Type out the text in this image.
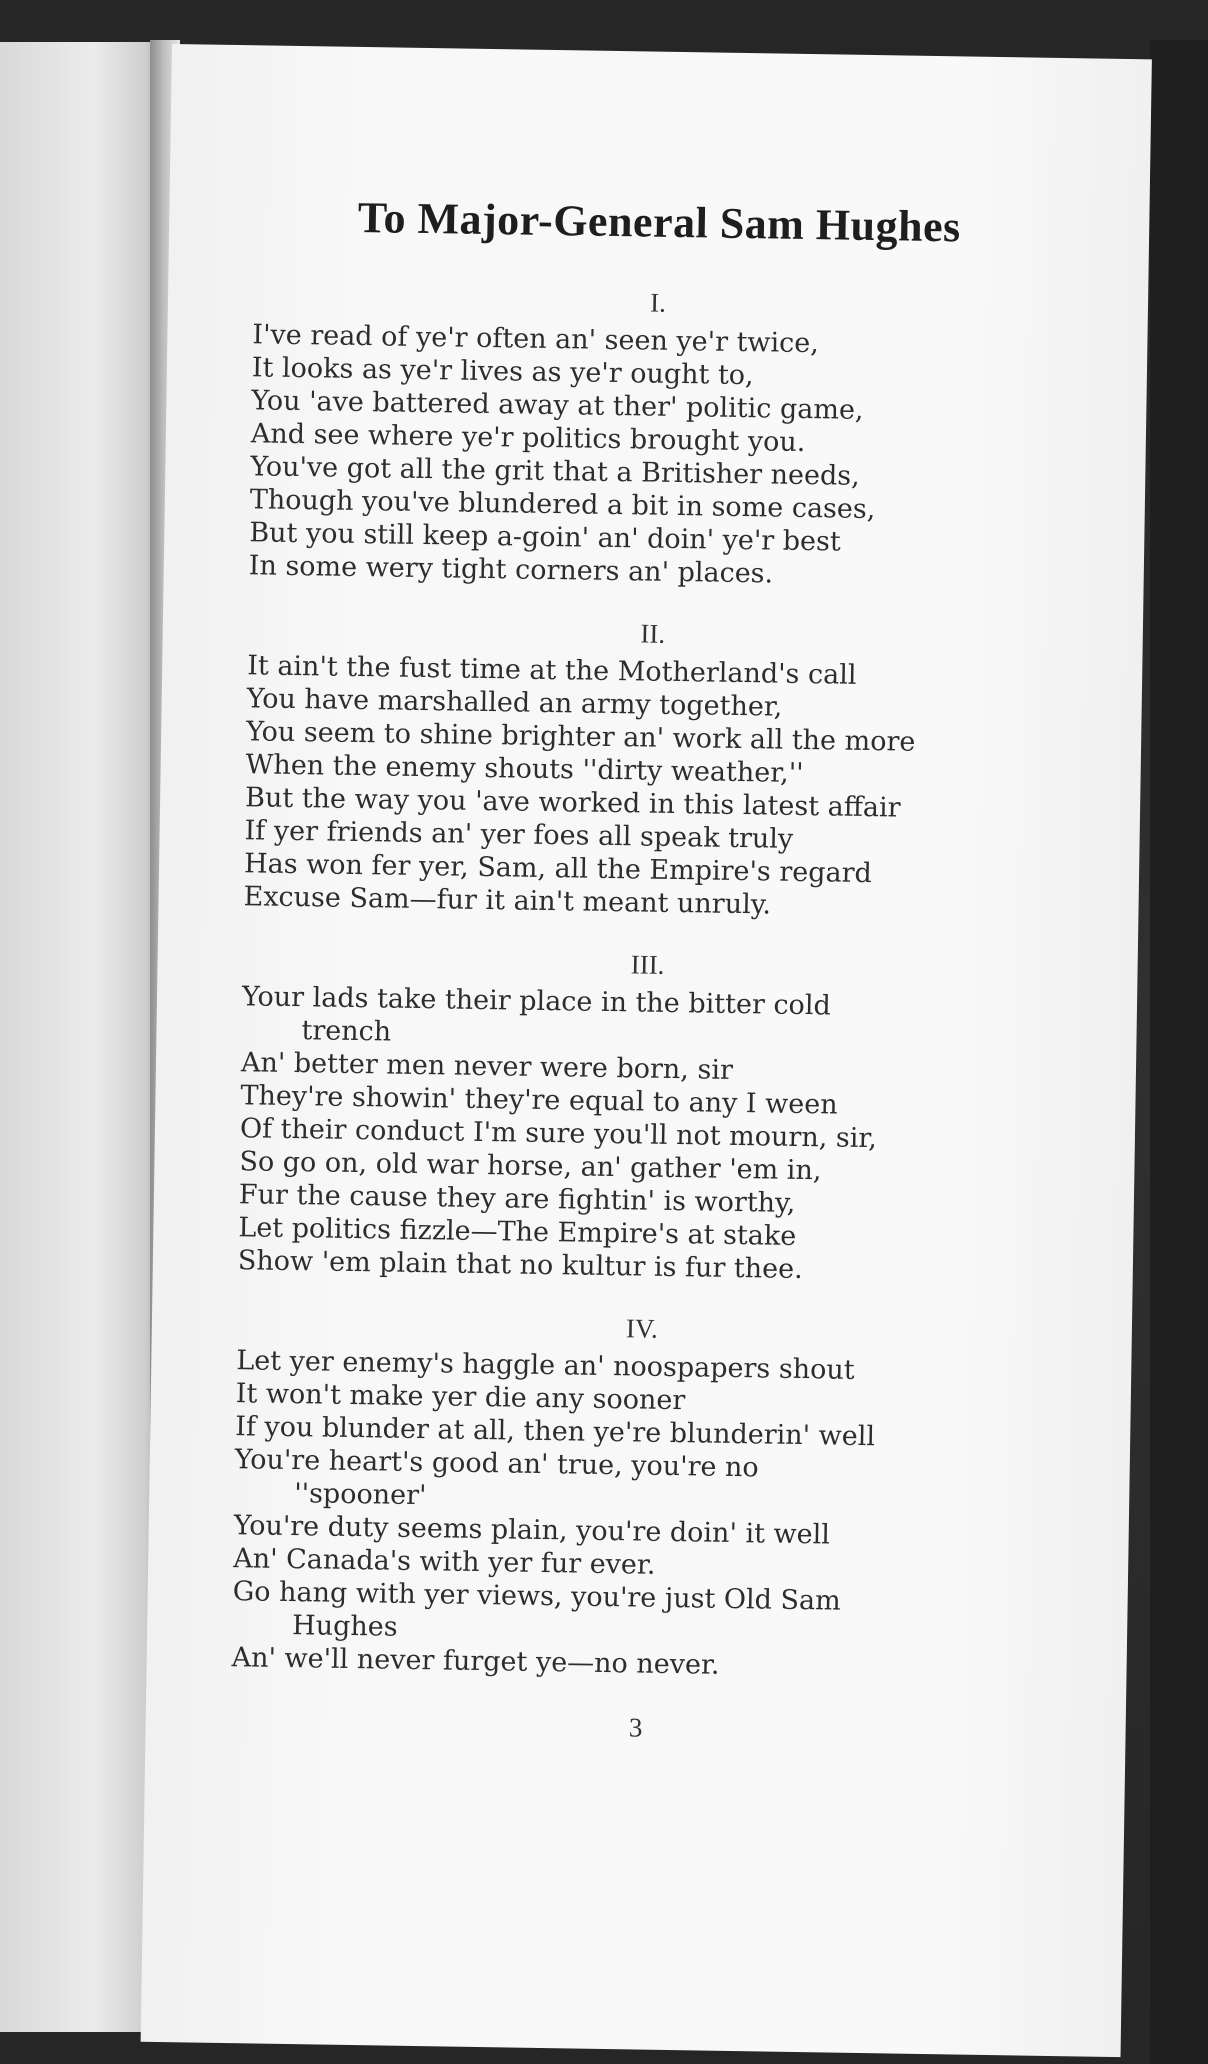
To Major-General Sam Hughes
I.
I've read of ye'r often an' seen ye'r twice,
It looks as ye'r lives as ye'r ought to,
You 'ave battered away at ther' politic game,
And see where ye'r politics brought you.
You've got all the grit that a Britisher needs,
Though you've blundered a bit in some cases,
But you still keep a-goin' an' doin' ye'r best
In some wery tight corners an' places.
II.
It ain't the fust time at the Motherland's call
You have marshalled an army together,
You seem to shine brighter an' work all the more
When the enemy shouts ''dirty weather,''
But the way you 'ave worked in this latest affair
If yer friends an' yer foes all speak truly
Has won fer yer, Sam, all the Empire's regard
Excuse Sam—fur it ain't meant unruly.
III.
Your lads take their place in the bitter cold
trench
An' better men never were born, sir
They're showin' they're equal to any I ween
Of their conduct I'm sure you'll not mourn, sir,
So go on, old war horse, an' gather 'em in,
Fur the cause they are fightin' is worthy,
Let politics fizzle—The Empire's at stake
Show 'em plain that no kultur is fur thee.
IV.
Let yer enemy's haggle an' noospapers shout
It won't make yer die any sooner
If you blunder at all, then ye're blunderin' well
You're heart's good an' true, you're no
''spooner'
You're duty seems plain, you're doin' it well
An' Canada's with yer fur ever.
Go hang with yer views, you're just Old Sam
Hughes
An' we'll never furget ye—no never.
3
